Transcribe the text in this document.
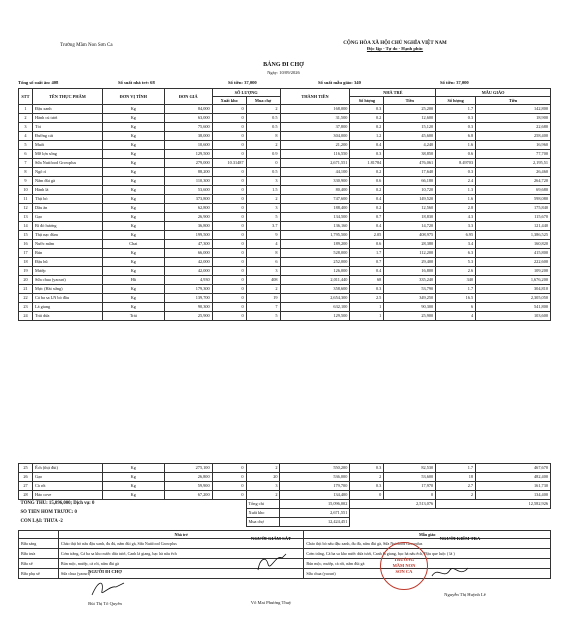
Trường Mầm Non Sơn Ca	CỘNG HÒA XÃ HỘI CHỦ NGHĨA VIỆT NAM
Độc lập - Tự do - Hạnh phúc
BẢNG ĐI CHỢ
Ngày: 10/09/2026
Tổng số suất ăn: 408	Số suất nhà trẻ: 68	Số tiền: 37,000	Số suất mẫu giáo: 340	Số tiền: 37,000
STT	TÊN THỰC PHẨM	ĐƠN VỊ TÍNH	ĐƠN GIÁ	SỐ LƯỢNG		THÀNH TIỀN	NHÀ TRẺ		MẪU GIÁO	
				Xuất kho	Mua chợ		Số lượng	Tiền	Số lượng	Tiền
1	Đậu xanh	Kg	84,000	0	2	168,000	0.3	25,200	1.7	142,800
2	Hành củ tươi	Kg	63,000	0	0.5	31,500	0.2	12,600	0.3	18,900
3	Tỏi	Kg	75,600	0	0.5	37,800	0.2	15,120	0.3	22,680
4	Đường cát	Kg	38,000	0	8	304,000	1.2	45,600	6.8	258,400
5	Muối	Kg	10,600	0	2	21,200	0.4	4,240	1.6	16,960
6	Mỡ lợn sống	Kg	129,500	0	0.9	116,550	0.3	38,850	0.6	77,700
7	Sữa Nutifood Growplus	Kg	279,000	10.31487	0	2,671,551	1.81784	476,061	8.49703	2,195,51
8	Ngô rì	Kg	88,200	0	0.5	44,100	0.2	17,640	0.3	26,460
9	Nấm đùi gà	Kg	110,300	0	3	330,900	0.6	66,180	2.4	264,720
10	Hành lá	Kg	53,600	0	1.5	80,400	0.2	10,720	1.3	69,680
11	Thịt bò	Kg	373,800	0	2	747,600	0.4	149,520	1.6	598,080
12	Dầu ăn	Kg	62,800	0	3	188,400	0.2	12,560	2.8	175,840
13	Gạo	Kg	26,900	0	5	134,500	0.7	18,830	4.3	115,670
14	Bí đỏ hương	Kg	36,800	0	3.7	136,160	0.4	14,720	3.3	121,440
15	Thịt nạc đùm	Kg	199,500	0	9	1,795,500	2.05	408,975	6.95	1,386,525
16	Nước mắm	Chai	47,300	0	4	189,200	0.6	28,380	3.4	160,820
17	Bún	Kg	66,000	0	8	528,000	1.7	112,200	6.3	415,800
18	Đậu hũ	Kg	42,000	0	6	252,000	0.7	29,400	5.3	222,600
19	Mướp	Kg	42,000	0	3	126,000	0.4	16,800	2.6	109,200
20	Sữa chua (yaourt)	Hũ	4,930	0	408	2,011,440	68	335,240	340	1,676,200
21	Mực (Hải sứng)	Kg	179,300	0	2	358,600	0.3	53,790	1.7	304,810
22	Cá ba sa LN bỏ đầu	Kg	139,700	0	19	2,654,300	2.5	349,250	16.5	2,305,050
23	Lá giang	Kg	90,300	0	7	632,100	1	90,300	6	541,800
24	Trái dừa	Trái	25,900	0	5	129,500	1	25,900	4	103,600
25	Ếch (thịt đùi)	Kg	275,100	0	2	550,200	0.3	82,530	1.7	467,670
26	Gạo	Kg	26,800	0	20	536,000	2	53,600	18	482,400
27	Cà rốt	Kg	59,900	0	3	179,700	0.3	17,970	2.7	161,730
28	Hảo cove	Kg	67,200	0	2	134,400	0	0	2	134,400
TỔNG THU: 15,096,000; Dịch vụ: 0					Tổng chi	15,096,002	2,513,076		12,582,926	
SỐ TIỀN HÔM TRƯỚC: 0					Xuất kho	2,671,551				
CÒN LẠI: THỪA -2					Mua chợ	12,424,451				
	Nhà trẻ	Mẫu giáo
Bữa sáng	Cháo thịt bò nấu đậu xanh, đu đủ, nấm đùi gà, Sữa Nutifood Growplus	Cháo thịt bò nấu đậu xanh, đu đủ, nấm đùi gà, Sữa Nutifood Growplus
Bữa trưa	Cơm trắng, Cá ba sa kho nước dừa tươi, Canh lá giang, bạc hà nấu ếch	Cơm trắng, Cá ba sa kho nước dừa tươi, Canh lá giang, bạc hà nấu ếch, Đậu que luộc ( lá )
Bữa xế	Bún mộc, mướp, cà rốt, nấm đùi gà	Bún mộc, mướp, cà rốt, nấm đùi gà
Bữa phụ xế	Sữa chua (yaourt)	Sữa chua (yaourt)
NGƯỜI ĐI CHỢ
Bùi Thị Tố Quyên
NGƯỜI GIÁM SÁT
Võ Mai Phương Thuỳ
NGƯỜI KIỂM TRA
TRƯỜNG
MẦM NON
SƠN CA
Nguyễn Thị Huỳnh Lê
